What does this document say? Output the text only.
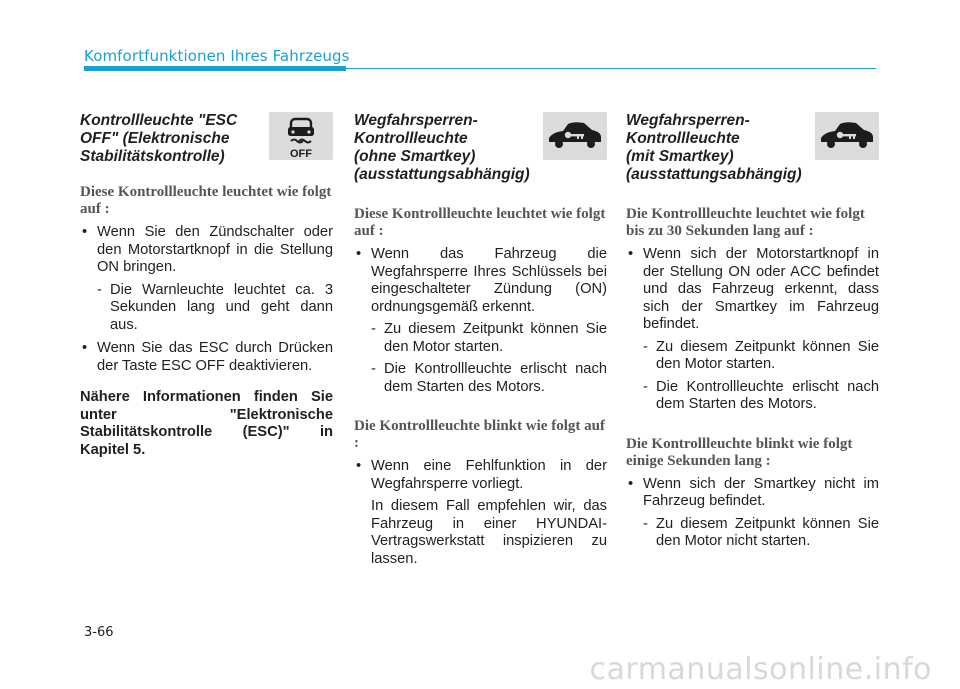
Komfortfunktionen Ihres Fahrzeugs
Kontrollleuchte "ESC
OFF" (Elektronische
Stabilitätskontrolle)	OFF
Diese Kontrollleuchte leuchtet wie folgt auf :
• Wenn Sie den Zündschalter oder den Motorstartknopf in die Stellung ON bringen.
- Die Warnleuchte leuchtet ca. 3 Sekunden lang und geht dann aus.
• Wenn Sie das ESC durch Drücken der Taste ESC OFF deaktivieren.
Nähere Informationen finden Sie unter "Elektronische Stabilitätskontrolle (ESC)" in Kapitel 5.
Wegfahrsperren-
Kontrollleuchte
(ohne Smartkey)
(ausstattungsabhängig)
Diese Kontrollleuchte leuchtet wie folgt auf :
• Wenn das Fahrzeug die Wegfahrsperre Ihres Schlüssels bei eingeschalteter Zündung (ON) ordnungsgemäß erkennt.
- Zu diesem Zeitpunkt können Sie den Motor starten.
- Die Kontrollleuchte erlischt nach dem Starten des Motors.
Die Kontrollleuchte blinkt wie folgt auf :
• Wenn eine Fehlfunktion in der Wegfahrsperre vorliegt.
In diesem Fall empfehlen wir, das Fahrzeug in einer HYUNDAI-Vertragswerkstatt inspizieren zu lassen.
Wegfahrsperren-
Kontrollleuchte
(mit Smartkey)
(ausstattungsabhängig)
Die Kontrollleuchte leuchtet wie folgt bis zu 30 Sekunden lang auf :
• Wenn sich der Motorstartknopf in der Stellung ON oder ACC befindet und das Fahrzeug erkennt, dass sich der Smartkey im Fahrzeug befindet.
- Zu diesem Zeitpunkt können Sie den Motor starten.
- Die Kontrollleuchte erlischt nach dem Starten des Motors.
Die Kontrollleuchte blinkt wie folgt einige Sekunden lang :
• Wenn sich der Smartkey nicht im Fahrzeug befindet.
- Zu diesem Zeitpunkt können Sie den Motor nicht starten.
3-66
carmanualsonline.info
